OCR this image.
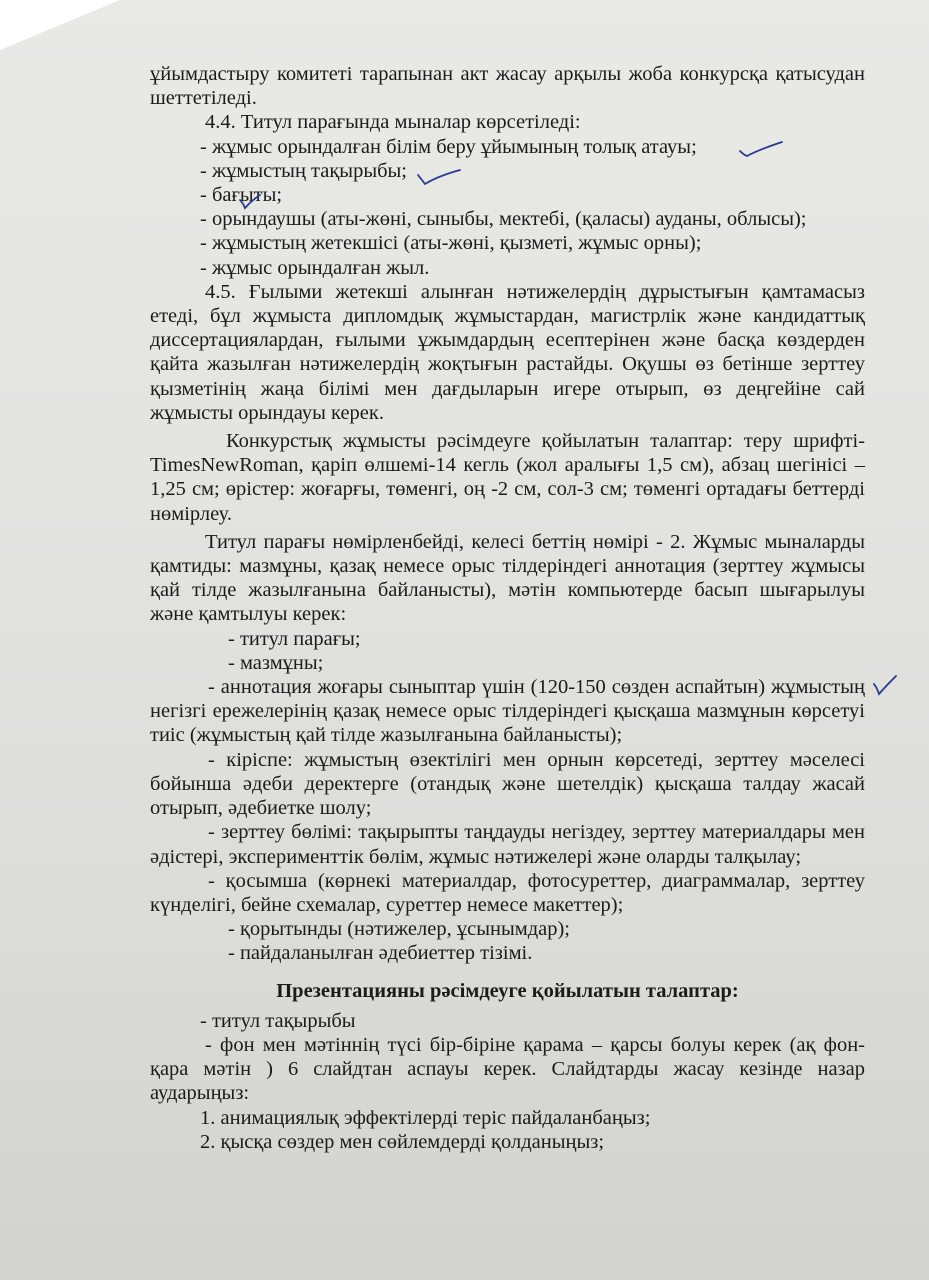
ұйымдастыру комитеті тарапынан акт жасау арқылы жоба конкурсқа қатысудан шеттетіледі.
4.4. Титул парағында мыналар көрсетіледі:
- жұмыс орындалған білім беру ұйымының толық атауы;
- жұмыстың тақырыбы;
- бағыты;
- орындаушы (аты-жөні, сыныбы, мектебі, (қаласы) ауданы, облысы);
- жұмыстың жетекшісі (аты-жөні, қызметі, жұмыс орны);
- жұмыс орындалған жыл.
4.5. Ғылыми жетекші алынған нәтижелердің дұрыстығын қамтамасыз етеді, бұл жұмыста дипломдық жұмыстардан, магистрлік және кандидаттық диссертациялардан, ғылыми ұжымдардың есептерінен және басқа көздерден қайта жазылған нәтижелердің жоқтығын растайды. Оқушы өз бетінше зерттеу қызметінің жаңа білімі мен дағдыларын игере отырып, өз деңгейіне сай жұмысты орындауы керек.
Конкурстық жұмысты рәсімдеуге қойылатын талаптар: теру шрифті- TimesNewRoman, қаріп өлшемі-14 кегль (жол аралығы 1,5 см), абзац шегінісі – 1,25 см; өрістер: жоғарғы, төменгі, оң -2 см, сол-3 см; төменгі ортадағы беттерді нөмірлеу.
Титул парағы нөмірленбейді, келесі беттің нөмірі - 2. Жұмыс мыналарды қамтиды: мазмұны, қазақ немесе орыс тілдеріндегі аннотация (зерттеу жұмысы қай тілде жазылғанына байланысты), мәтін компьютерде басып шығарылуы және қамтылуы керек:
- титул парағы;
- мазмұны;
- аннотация жоғары сыныптар үшін (120-150 сөзден аспайтын) жұмыстың негізгі ережелерінің қазақ немесе орыс тілдеріндегі қысқаша мазмұнын көрсетуі тиіс (жұмыстың қай тілде жазылғанына байланысты);
- кіріспе: жұмыстың өзектілігі мен орнын көрсетеді, зерттеу мәселесі бойынша әдеби деректерге (отандық және шетелдік) қысқаша талдау жасай отырып, әдебиетке шолу;
- зерттеу бөлімі: тақырыпты таңдауды негіздеу, зерттеу материалдары мен әдістері, эксперименттік бөлім, жұмыс нәтижелері және оларды талқылау;
- қосымша (көрнекі материалдар, фотосуреттер, диаграммалар, зерттеу күнделігі, бейне схемалар, суреттер немесе макеттер);
- қорытынды (нәтижелер, ұсынымдар);
- пайдаланылған әдебиеттер тізімі.
Презентацияны рәсімдеуге қойылатын талаптар:
- титул тақырыбы
- фон мен мәтіннің түсі бір-біріне қарама – қарсы болуы керек (ақ фон-қара мәтін ) 6 слайдтан аспауы керек. Слайдтарды жасау кезінде назар аударыңыз:
1. анимациялық эффектілерді теріс пайдаланбаңыз;
2. қысқа сөздер мен сөйлемдерді қолданыңыз;
